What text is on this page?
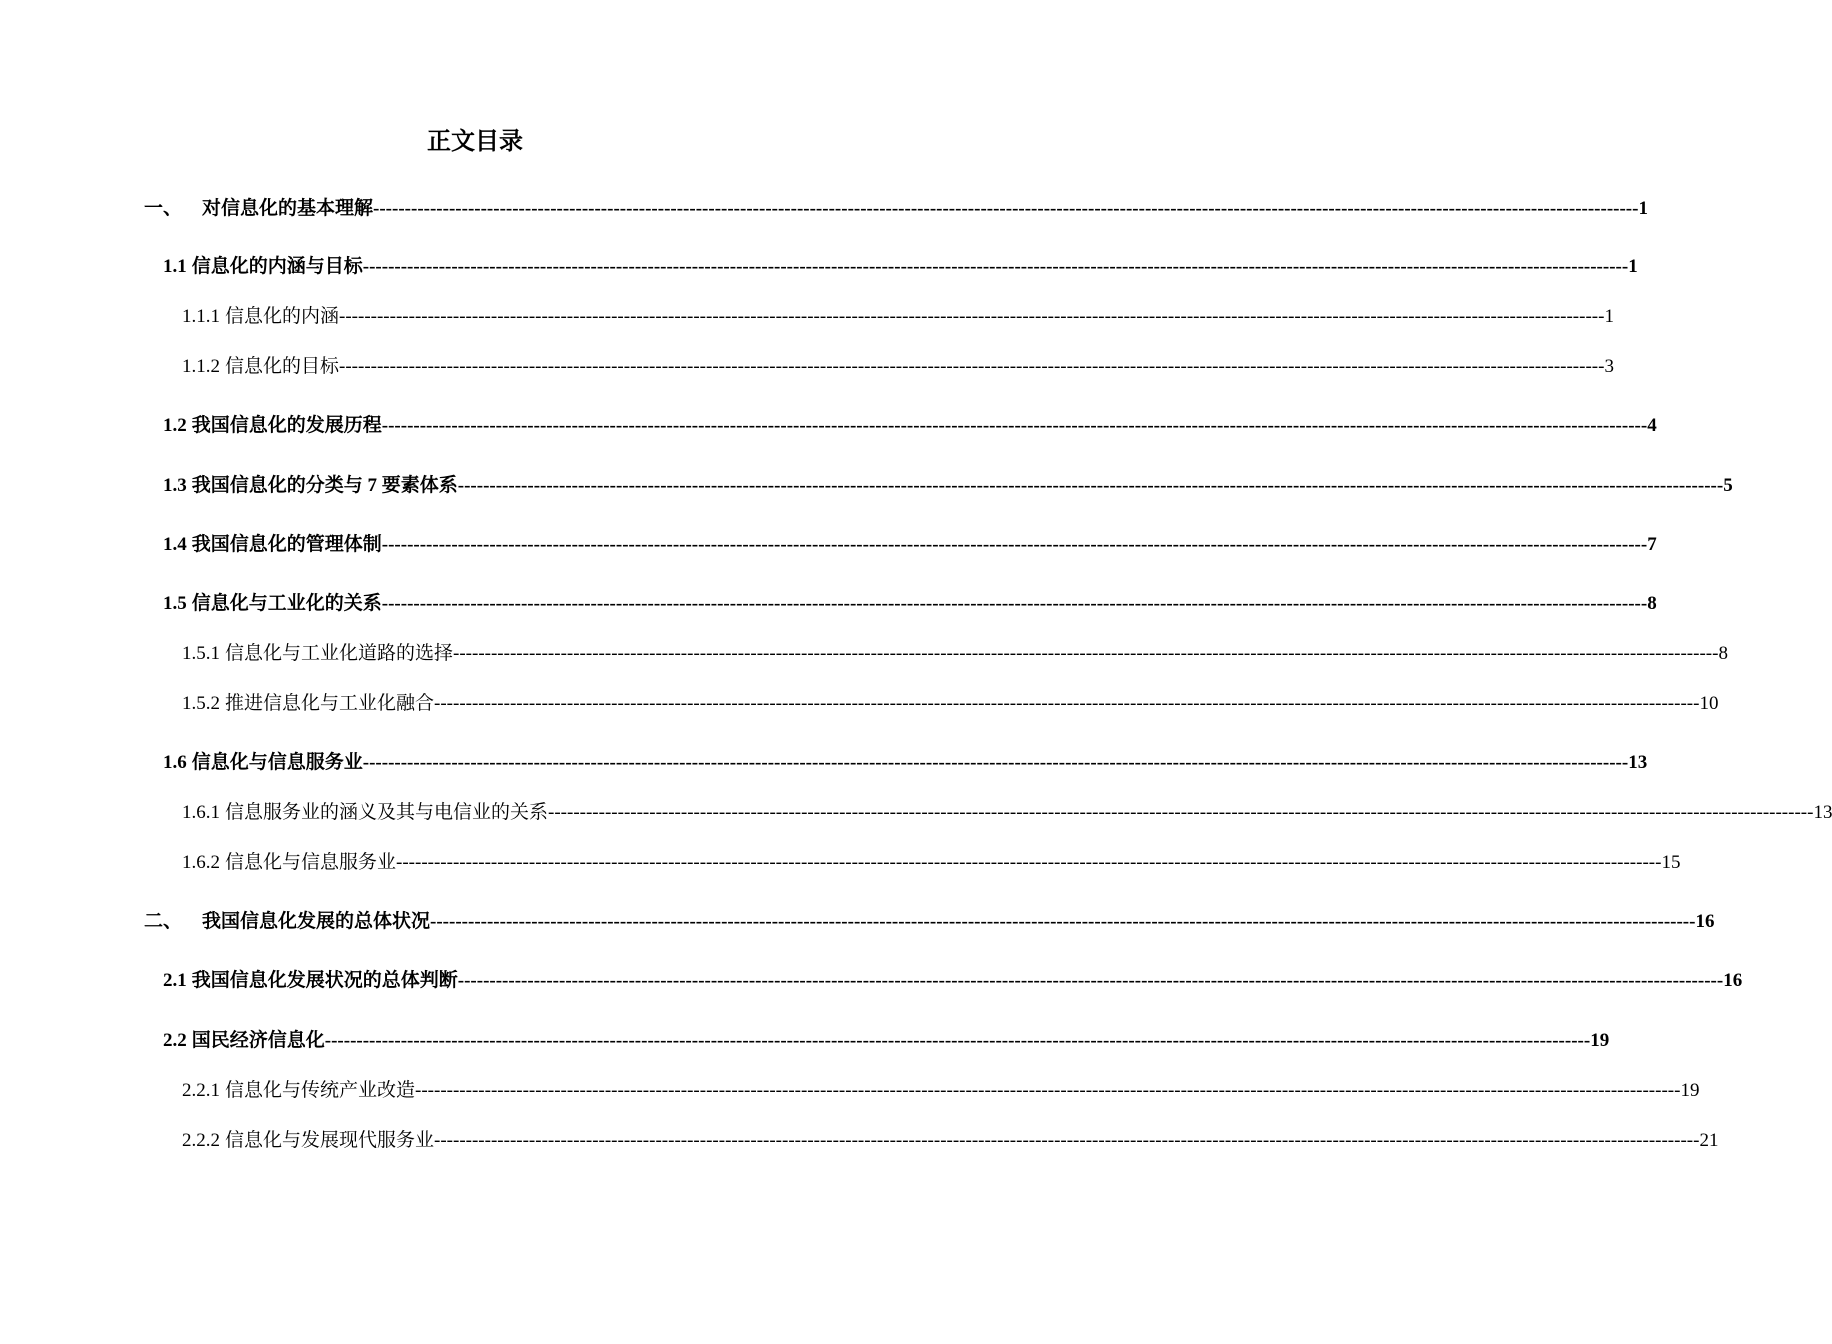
正文目录
一、 对信息化的基本理解 -------------------------------------------------------------------------------------------------------------------------------------------------------------------------------------------------------- 1
1.1 信息化的内涵与目标 -------------------------------------------------------------------------------------------------------------------------------------------------------------------------------------------------------- 1
1.1.1 信息化的内涵 -------------------------------------------------------------------------------------------------------------------------------------------------------------------------------------------------------- 1
1.1.2 信息化的目标 -------------------------------------------------------------------------------------------------------------------------------------------------------------------------------------------------------- 3
1.2 我国信息化的发展历程 -------------------------------------------------------------------------------------------------------------------------------------------------------------------------------------------------------- 4
1.3 我国信息化的分类与 7 要素体系 -------------------------------------------------------------------------------------------------------------------------------------------------------------------------------------------------------- 5
1.4 我国信息化的管理体制 -------------------------------------------------------------------------------------------------------------------------------------------------------------------------------------------------------- 7
1.5 信息化与工业化的关系 -------------------------------------------------------------------------------------------------------------------------------------------------------------------------------------------------------- 8
1.5.1 信息化与工业化道路的选择 -------------------------------------------------------------------------------------------------------------------------------------------------------------------------------------------------------- 8
1.5.2 推进信息化与工业化融合 -------------------------------------------------------------------------------------------------------------------------------------------------------------------------------------------------------- 10
1.6 信息化与信息服务业 -------------------------------------------------------------------------------------------------------------------------------------------------------------------------------------------------------- 13
1.6.1 信息服务业的涵义及其与电信业的关系 -------------------------------------------------------------------------------------------------------------------------------------------------------------------------------------------------------- 13
1.6.2 信息化与信息服务业 -------------------------------------------------------------------------------------------------------------------------------------------------------------------------------------------------------- 15
二、 我国信息化发展的总体状况 -------------------------------------------------------------------------------------------------------------------------------------------------------------------------------------------------------- 16
2.1 我国信息化发展状况的总体判断 -------------------------------------------------------------------------------------------------------------------------------------------------------------------------------------------------------- 16
2.2 国民经济信息化 -------------------------------------------------------------------------------------------------------------------------------------------------------------------------------------------------------- 19
2.2.1 信息化与传统产业改造 -------------------------------------------------------------------------------------------------------------------------------------------------------------------------------------------------------- 19
2.2.2 信息化与发展现代服务业 -------------------------------------------------------------------------------------------------------------------------------------------------------------------------------------------------------- 21
